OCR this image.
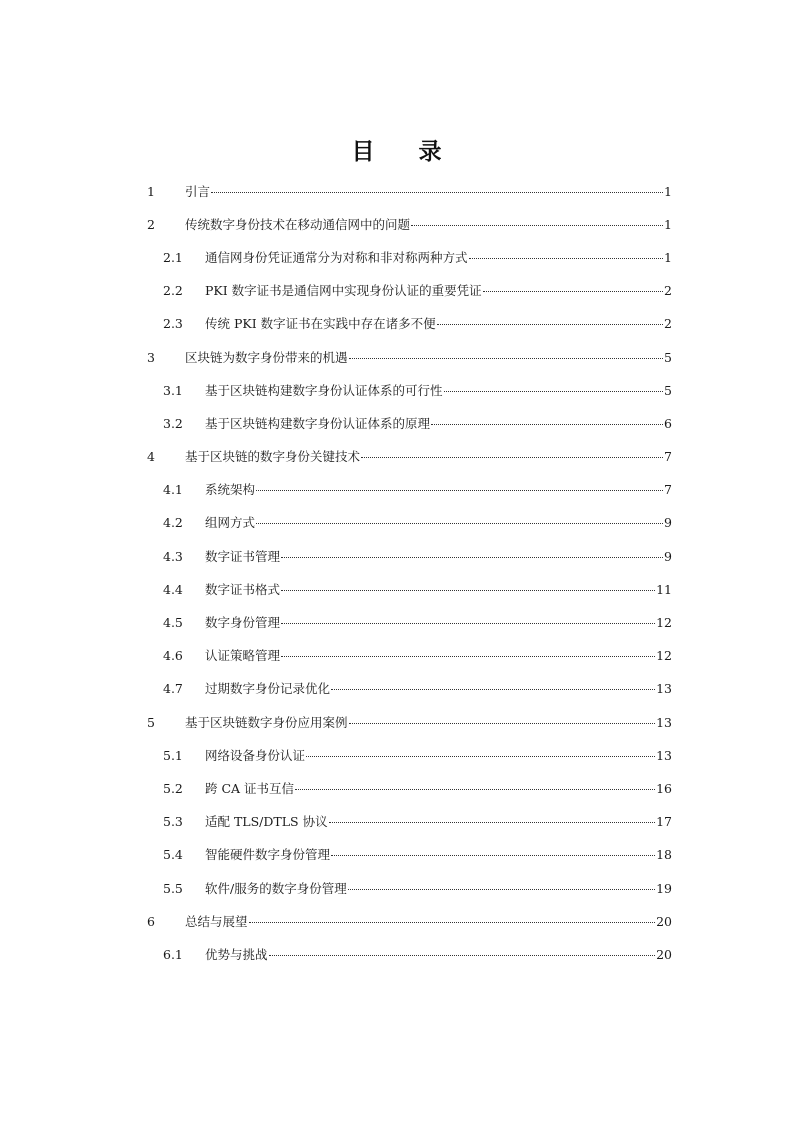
目 录
1 引言	1
2 传统数字身份技术在移动通信网中的问题	1
2.1 通信网身份凭证通常分为对称和非对称两种方式	1
2.2 PKI 数字证书是通信网中实现身份认证的重要凭证	2
2.3 传统 PKI 数字证书在实践中存在诸多不便	2
3 区块链为数字身份带来的机遇	5
3.1 基于区块链构建数字身份认证体系的可行性	5
3.2 基于区块链构建数字身份认证体系的原理	6
4 基于区块链的数字身份关键技术	7
4.1 系统架构	7
4.2 组网方式	9
4.3 数字证书管理	9
4.4 数字证书格式	11
4.5 数字身份管理	12
4.6 认证策略管理	12
4.7 过期数字身份记录优化	13
5 基于区块链数字身份应用案例	13
5.1 网络设备身份认证	13
5.2 跨 CA 证书互信	16
5.3 适配 TLS/DTLS 协议	17
5.4 智能硬件数字身份管理	18
5.5 软件/服务的数字身份管理	19
6 总结与展望	20
6.1 优势与挑战	20
